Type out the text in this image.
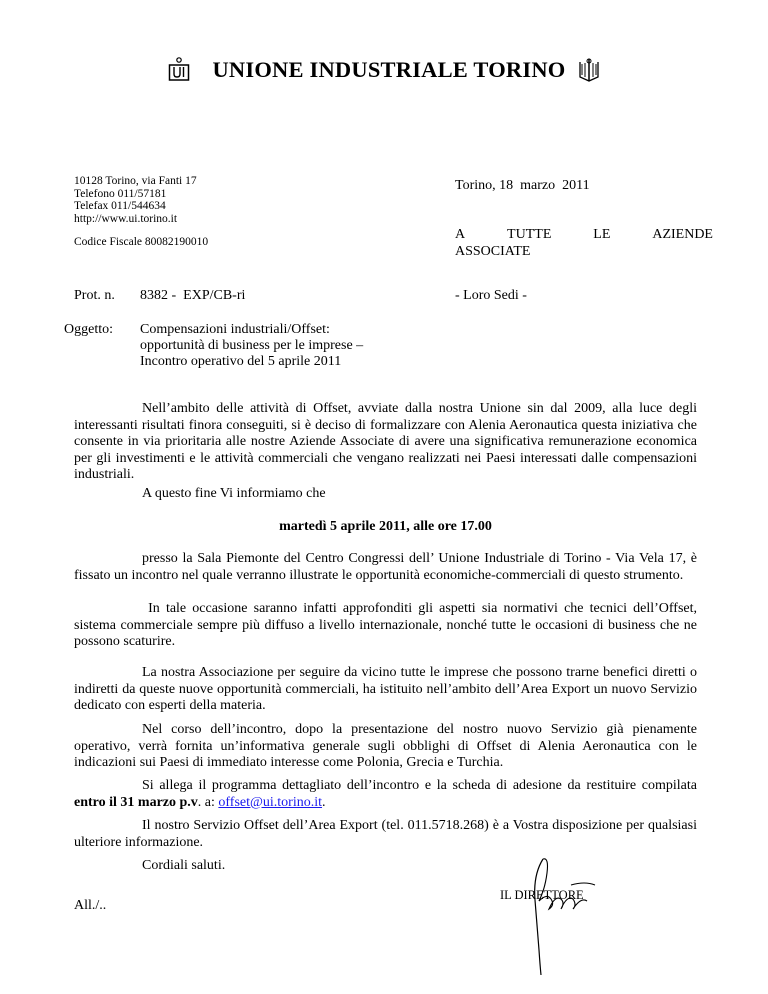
UNIONE INDUSTRIALE TORINO
10128 Torino, via Fanti 17
Telefono 011/57181
Telefax 011/544634
http://www.ui.torino.it
Codice Fiscale 80082190010
Torino, 18  marzo  2011
A	TUTTE	LE	AZIENDE
ASSOCIATE
Prot. n. 8382 -  EXP/CB-ri	- Loro Sedi -
Oggetto: Compensazioni industriali/Offset:
opportunità di business per le imprese –
Incontro operativo del 5 aprile 2011
Nell’ambito delle attività di Offset, avviate dalla nostra Unione sin dal 2009, alla luce degli interessanti risultati finora conseguiti, si è deciso di formalizzare con Alenia Aeronautica questa iniziativa che consente in via prioritaria alle nostre Aziende Associate di avere una significativa remunerazione economica per gli investimenti e le attività commerciali che vengano realizzati nei Paesi interessati dalle compensazioni industriali.
A questo fine Vi informiamo che
martedì 5 aprile 2011, alle ore 17.00
presso la Sala Piemonte del Centro Congressi dell’ Unione Industriale di Torino - Via Vela 17, è fissato un incontro nel quale verranno illustrate le opportunità economiche-commerciali di questo strumento.
In tale occasione saranno infatti approfonditi gli aspetti sia normativi che tecnici dell’Offset, sistema commerciale sempre più diffuso a livello internazionale, nonché tutte le occasioni di business che ne possono scaturire.
La nostra Associazione per seguire da vicino tutte le imprese che possono trarne benefici diretti o indiretti da queste nuove opportunità commerciali, ha istituito nell’ambito dell’Area Export un nuovo Servizio dedicato con esperti della materia.
Nel corso dell’incontro, dopo la presentazione del nostro nuovo Servizio già pienamente operativo, verrà fornita un’informativa generale sugli obblighi di Offset di Alenia Aeronautica con le indicazioni sui Paesi di immediato interesse come Polonia, Grecia e Turchia.
Si allega il programma dettagliato dell’incontro e la scheda di adesione da restituire compilata entro il 31 marzo p.v. a: offset@ui.torino.it.
Il nostro Servizio Offset dell’Area Export (tel. 011.5718.268) è a Vostra disposizione per qualsiasi ulteriore informazione.
Cordiali saluti.
IL DIRETTORE
All./..
